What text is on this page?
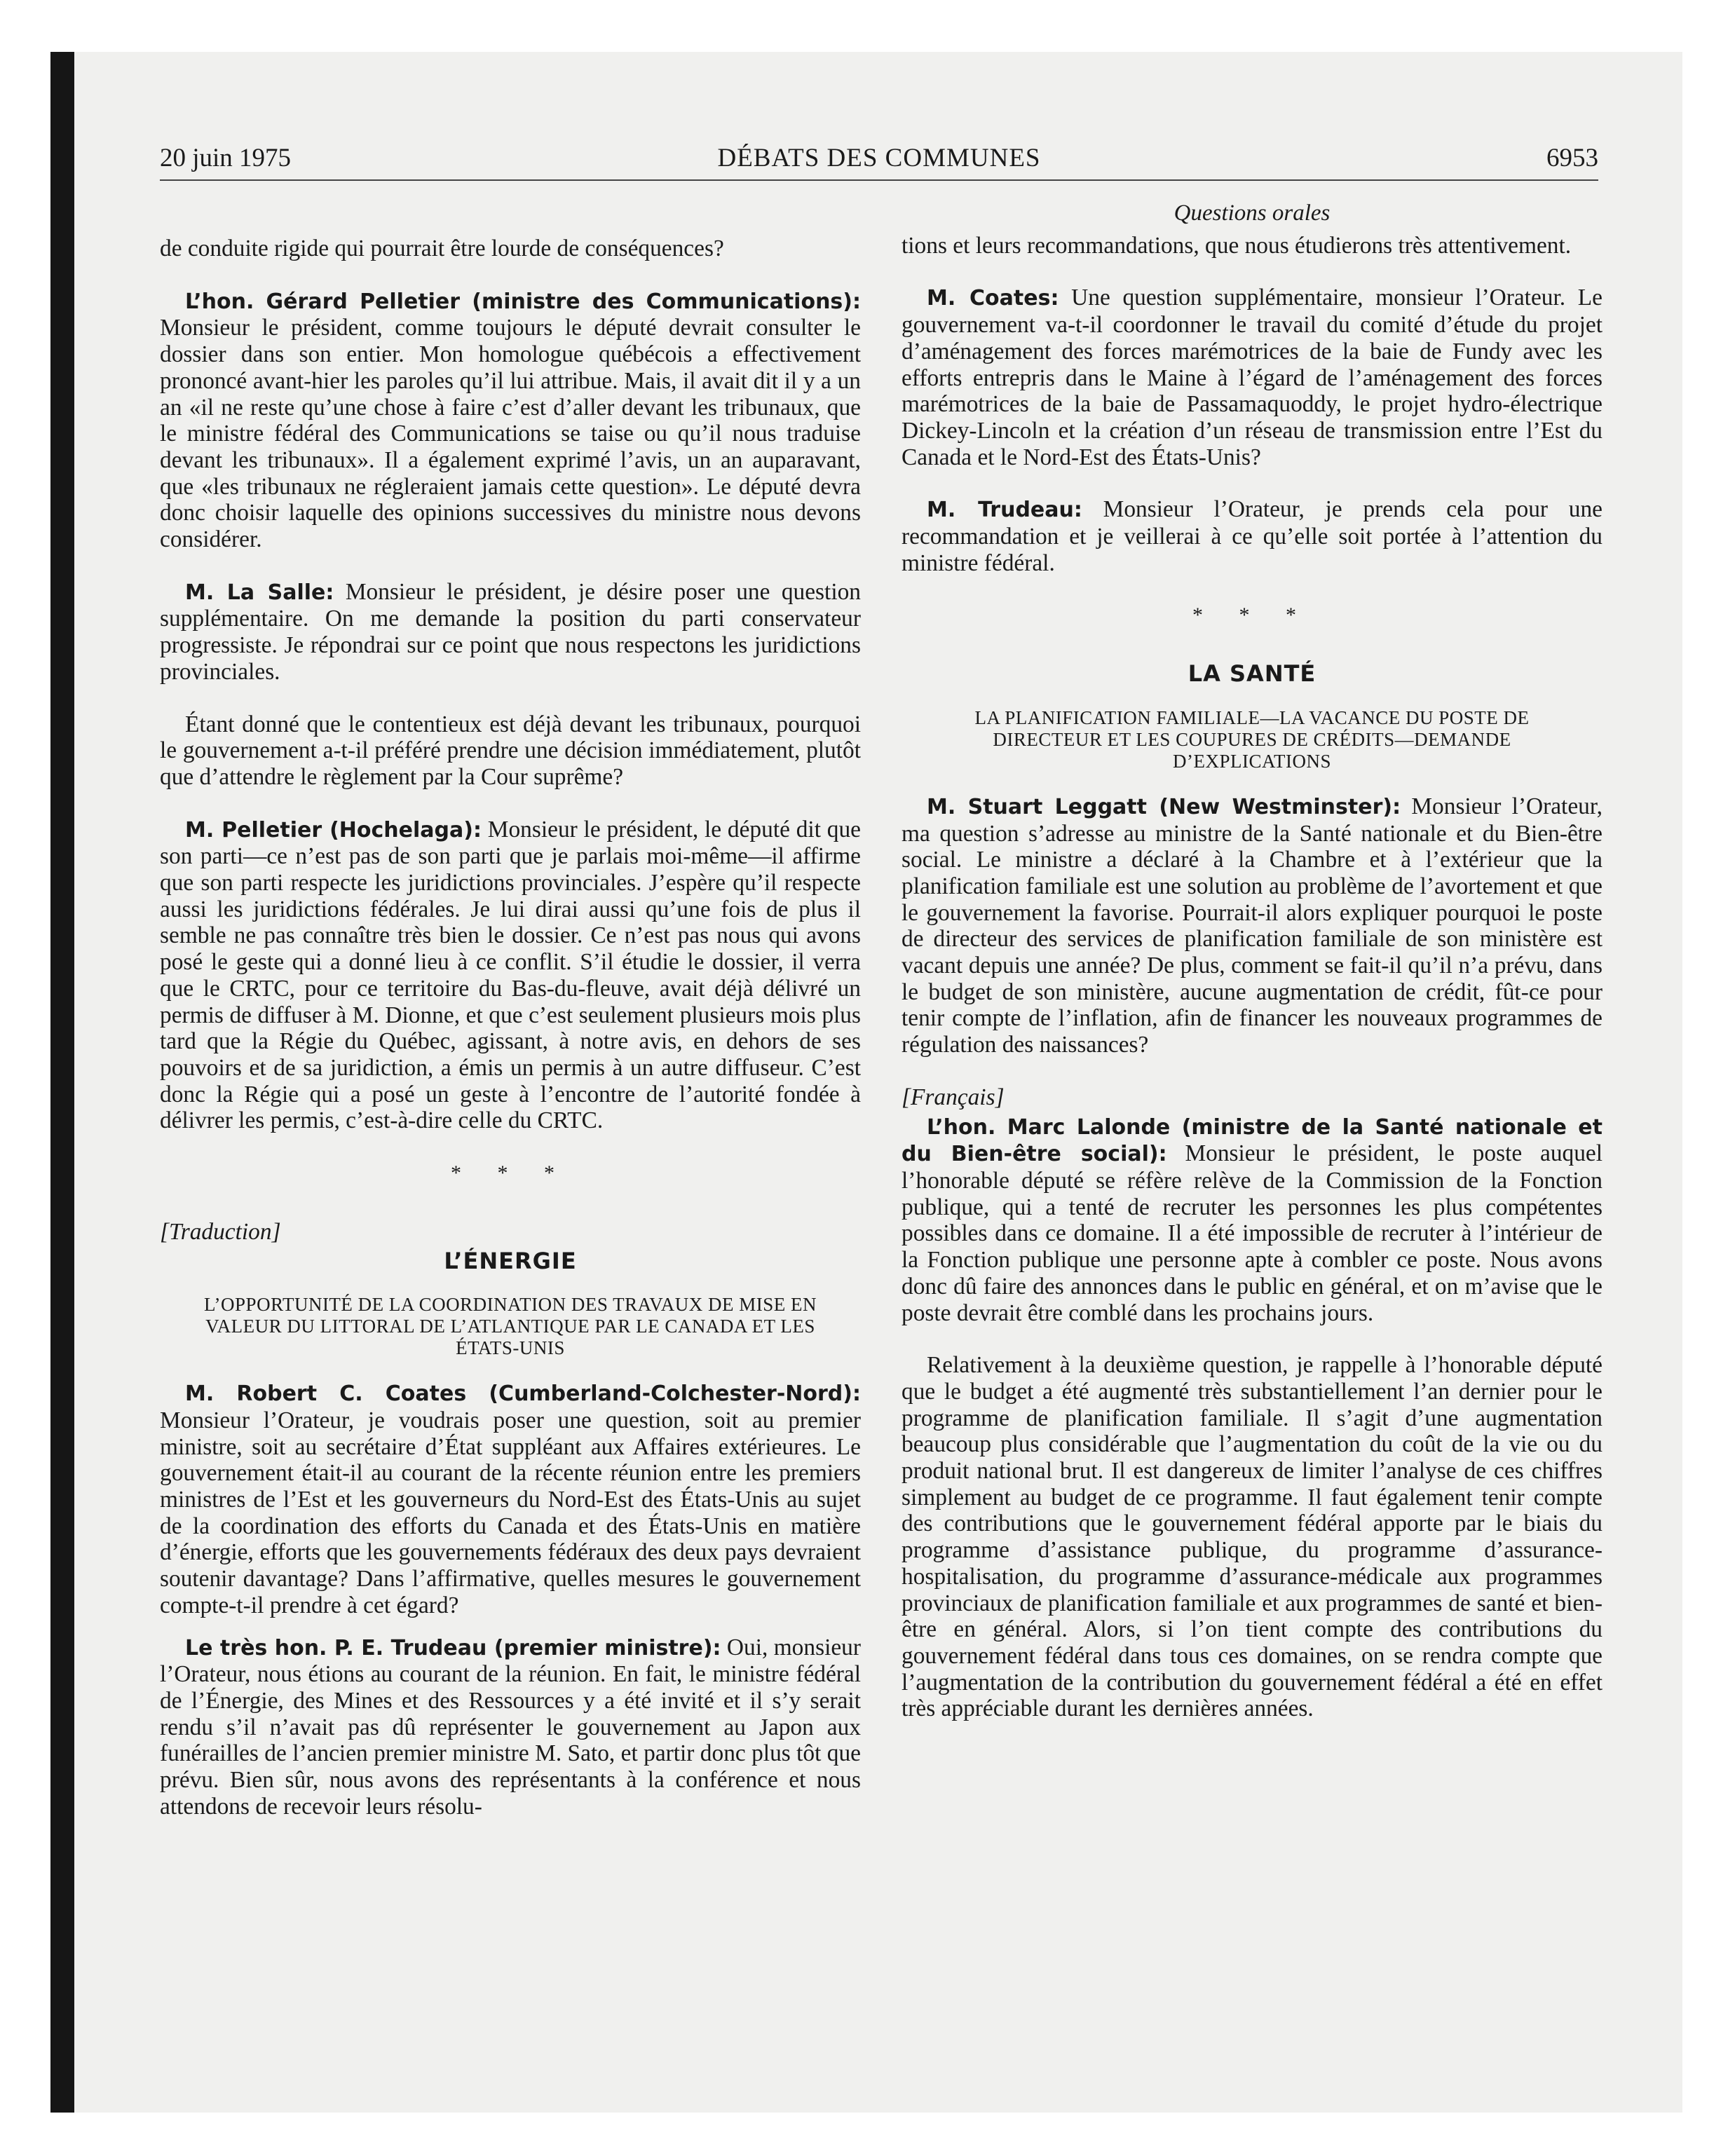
20 juin 1975	DÉBATS DES COMMUNES	6953

de conduite rigide qui pourrait être lourde de conséquences?

L’hon. Gérard Pelletier (ministre des Communications): Monsieur le président, comme toujours le député devrait consulter le dossier dans son entier. Mon homologue québécois a effectivement prononcé avant-hier les paroles qu’il lui attribue. Mais, il avait dit il y a un an «il ne reste qu’une chose à faire c’est d’aller devant les tribunaux, que le ministre fédéral des Communications se taise ou qu’il nous traduise devant les tribunaux». Il a également exprimé l’avis, un an auparavant, que «les tribunaux ne régleraient jamais cette question». Le député devra donc choisir laquelle des opinions successives du ministre nous devons considérer.

M. La Salle: Monsieur le président, je désire poser une question supplémentaire. On me demande la position du parti conservateur progressiste. Je répondrai sur ce point que nous respectons les juridictions provinciales.

Étant donné que le contentieux est déjà devant les tribunaux, pourquoi le gouvernement a-t-il préféré prendre une décision immédiatement, plutôt que d’attendre le règlement par la Cour suprême?

M. Pelletier (Hochelaga): Monsieur le président, le député dit que son parti—ce n’est pas de son parti que je parlais moi-même—il affirme que son parti respecte les juridictions provinciales. J’espère qu’il respecte aussi les juridictions fédérales. Je lui dirai aussi qu’une fois de plus il semble ne pas connaître très bien le dossier. Ce n’est pas nous qui avons posé le geste qui a donné lieu à ce conflit. S’il étudie le dossier, il verra que le CRTC, pour ce territoire du Bas-du-fleuve, avait déjà délivré un permis de diffuser à M. Dionne, et que c’est seulement plusieurs mois plus tard que la Régie du Québec, agissant, à notre avis, en dehors de ses pouvoirs et de sa juridiction, a émis un permis à un autre diffuseur. C’est donc la Régie qui a posé un geste à l’encontre de l’autorité fondée à délivrer les permis, c’est-à-dire celle du CRTC.

* * *
[Traduction]
L’ÉNERGIE
L’OPPORTUNITÉ DE LA COORDINATION DES TRAVAUX DE MISE EN VALEUR DU LITTORAL DE L’ATLANTIQUE PAR LE CANADA ET LES ÉTATS-UNIS

M. Robert C. Coates (Cumberland-Colchester-Nord): Monsieur l’Orateur, je voudrais poser une question, soit au premier ministre, soit au secrétaire d’État suppléant aux Affaires extérieures. Le gouvernement était-il au courant de la récente réunion entre les premiers ministres de l’Est et les gouverneurs du Nord-Est des États-Unis au sujet de la coordination des efforts du Canada et des États-Unis en matière d’énergie, efforts que les gouvernements fédéraux des deux pays devraient soutenir davantage? Dans l’affirmative, quelles mesures le gouvernement compte-t-il prendre à cet égard?

Le très hon. P. E. Trudeau (premier ministre): Oui, monsieur l’Orateur, nous étions au courant de la réunion. En fait, le ministre fédéral de l’Énergie, des Mines et des Ressources y a été invité et il s’y serait rendu s’il n’avait pas dû représenter le gouvernement au Japon aux funérailles de l’ancien premier ministre M. Sato, et partir donc plus tôt que prévu. Bien sûr, nous avons des représentants à la conférence et nous attendons de recevoir leurs résolu-

Questions orales

tions et leurs recommandations, que nous étudierons très attentivement.

M. Coates: Une question supplémentaire, monsieur l’Orateur. Le gouvernement va-t-il coordonner le travail du comité d’étude du projet d’aménagement des forces marémotrices de la baie de Fundy avec les efforts entrepris dans le Maine à l’égard de l’aménagement des forces marémotrices de la baie de Passamaquoddy, le projet hydro-électrique Dickey-Lincoln et la création d’un réseau de transmission entre l’Est du Canada et le Nord-Est des États-Unis?

M. Trudeau: Monsieur l’Orateur, je prends cela pour une recommandation et je veillerai à ce qu’elle soit portée à l’attention du ministre fédéral.

* * *
LA SANTÉ
LA PLANIFICATION FAMILIALE—LA VACANCE DU POSTE DE DIRECTEUR ET LES COUPURES DE CRÉDITS—DEMANDE D’EXPLICATIONS

M. Stuart Leggatt (New Westminster): Monsieur l’Orateur, ma question s’adresse au ministre de la Santé nationale et du Bien-être social. Le ministre a déclaré à la Chambre et à l’extérieur que la planification familiale est une solution au problème de l’avortement et que le gouvernement la favorise. Pourrait-il alors expliquer pourquoi le poste de directeur des services de planification familiale de son ministère est vacant depuis une année? De plus, comment se fait-il qu’il n’a prévu, dans le budget de son ministère, aucune augmentation de crédit, fût-ce pour tenir compte de l’inflation, afin de financer les nouveaux programmes de régulation des naissances?

[Français]

L’hon. Marc Lalonde (ministre de la Santé nationale et du Bien-être social): Monsieur le président, le poste auquel l’honorable député se réfère relève de la Commission de la Fonction publique, qui a tenté de recruter les personnes les plus compétentes possibles dans ce domaine. Il a été impossible de recruter à l’intérieur de la Fonction publique une personne apte à combler ce poste. Nous avons donc dû faire des annonces dans le public en général, et on m’avise que le poste devrait être comblé dans les prochains jours.

Relativement à la deuxième question, je rappelle à l’honorable député que le budget a été augmenté très substantiellement l’an dernier pour le programme de planification familiale. Il s’agit d’une augmentation beaucoup plus considérable que l’augmentation du coût de la vie ou du produit national brut. Il est dangereux de limiter l’analyse de ces chiffres simplement au budget de ce programme. Il faut également tenir compte des contributions que le gouvernement fédéral apporte par le biais du programme d’assistance publique, du programme d’assurance-hospitalisation, du programme d’assurance-médicale aux programmes provinciaux de planification familiale et aux programmes de santé et bien-être en général. Alors, si l’on tient compte des contributions du gouvernement fédéral dans tous ces domaines, on se rendra compte que l’augmentation de la contribution du gouvernement fédéral a été en effet très appréciable durant les dernières années.
